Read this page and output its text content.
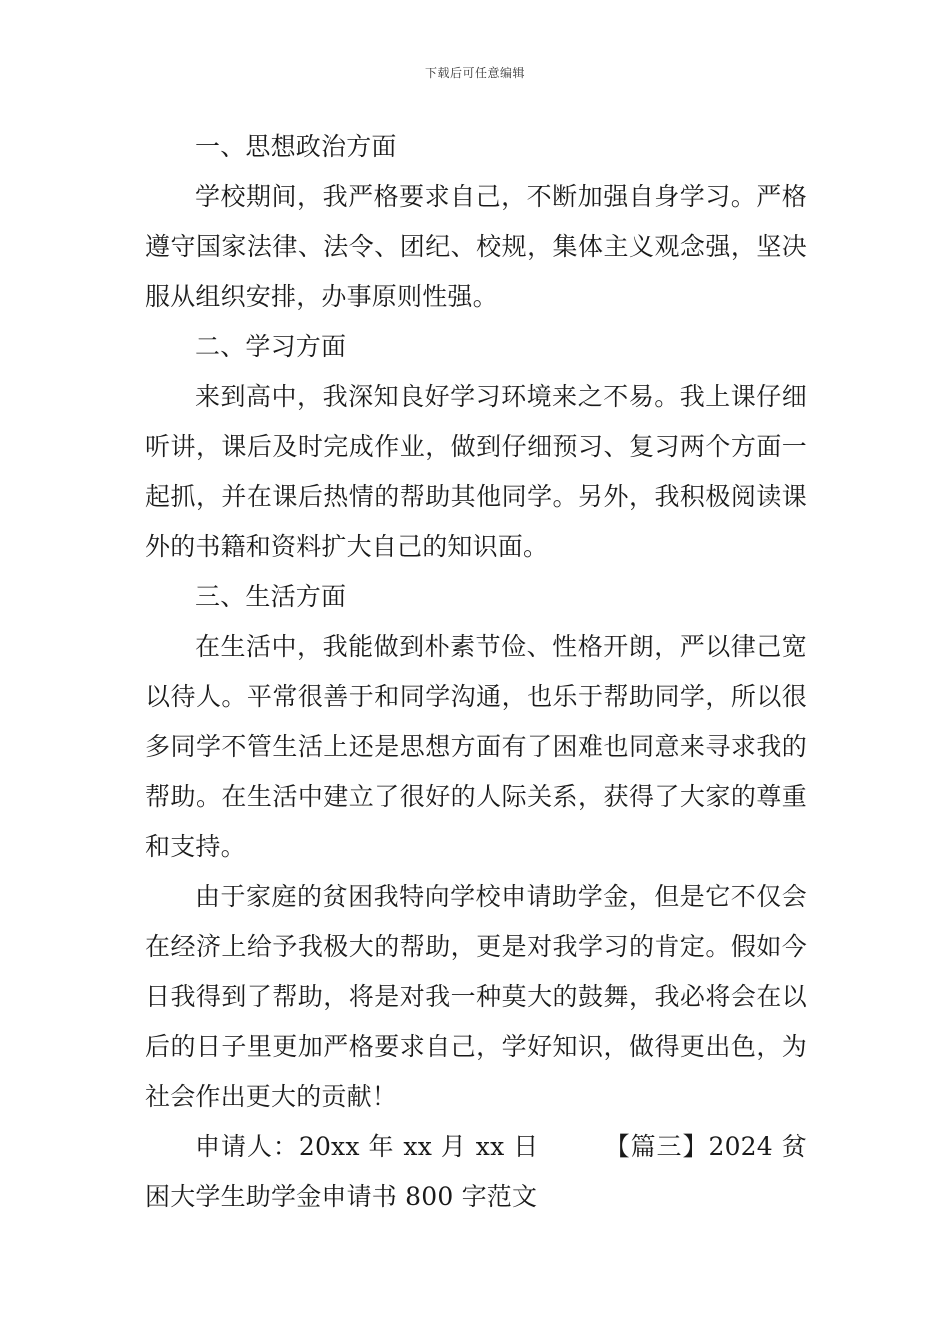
下载后可任意编辑

一、思想政治方面

学校期间，我严格要求自己，不断加强自身学习。严格遵守国家法律、法令、团纪、校规，集体主义观念强，坚决服从组织安排，办事原则性强。

二、学习方面

来到高中，我深知良好学习环境来之不易。我上课仔细听讲，课后及时完成作业，做到仔细预习、复习两个方面一起抓，并在课后热情的帮助其他同学。另外，我积极阅读课外的书籍和资料扩大自己的知识面。

三、生活方面

在生活中，我能做到朴素节俭、性格开朗，严以律己宽以待人。平常很善于和同学沟通，也乐于帮助同学，所以很多同学不管生活上还是思想方面有了困难也同意来寻求我的帮助。在生活中建立了很好的人际关系，获得了大家的尊重和支持。

由于家庭的贫困我特向学校申请助学金，但是它不仅会在经济上给予我极大的帮助，更是对我学习的肯定。假如今日我得到了帮助，将是对我一种莫大的鼓舞，我必将会在以后的日子里更加严格要求自己，学好知识，做得更出色，为社会作出更大的贡献！

申请人：20xx 年 xx 月 xx 日　　　【篇三】2024 贫困大学生助学金申请书 800 字范文
